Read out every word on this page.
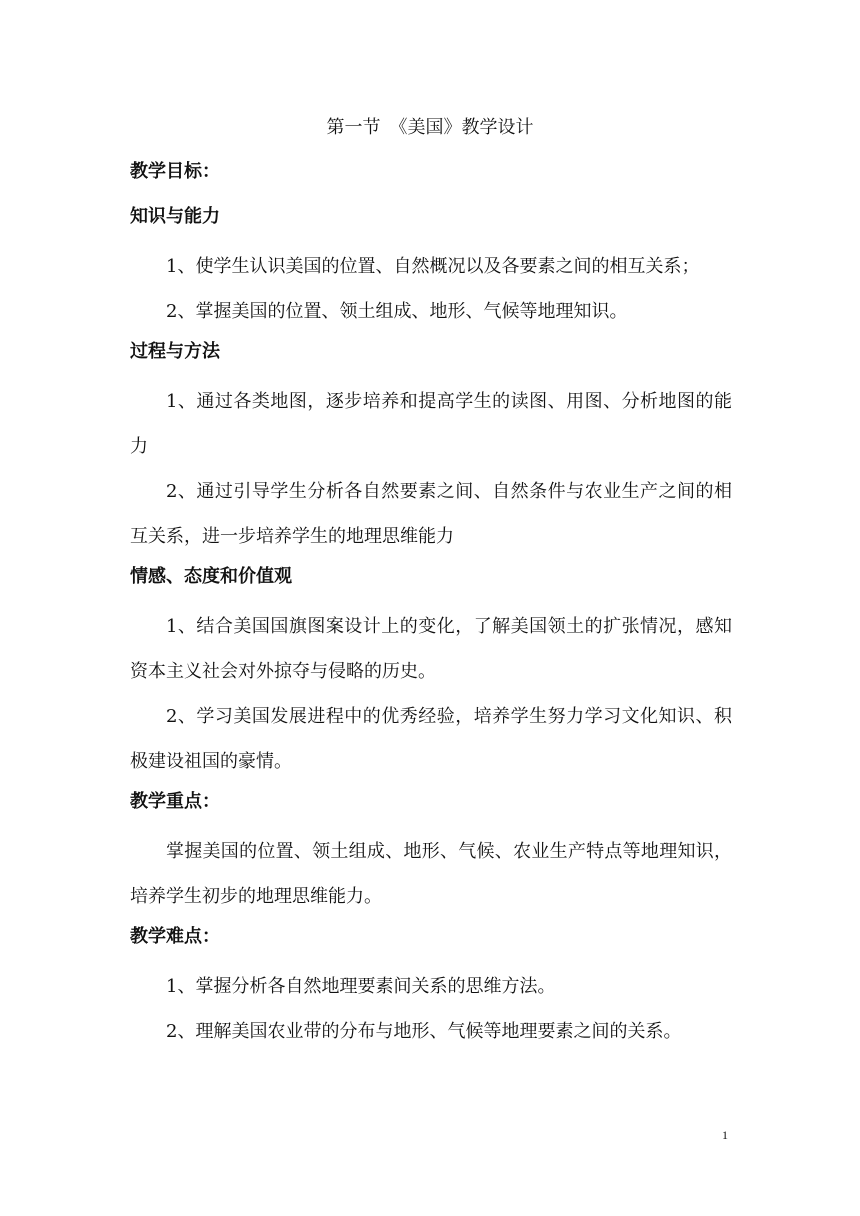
第一节　《美国》教学设计
教学目标：
知识与能力

1、使学生认识美国的位置、自然概况以及各要素之间的相互关系；

2、掌握美国的位置、领土组成、地形、气候等地理知识。

过程与方法

1、通过各类地图，逐步培养和提高学生的读图、用图、分析地图的能力

2、通过引导学生分析各自然要素之间、自然条件与农业生产之间的相互关系，进一步培养学生的地理思维能力

情感、态度和价值观

1、结合美国国旗图案设计上的变化，了解美国领土的扩张情况，感知资本主义社会对外掠夺与侵略的历史。

2、学习美国发展进程中的优秀经验，培养学生努力学习文化知识、积极建设祖国的豪情。

教学重点：

掌握美国的位置、领土组成、地形、气候、农业生产特点等地理知识，培养学生初步的地理思维能力。

教学难点：

1、掌握分析各自然地理要素间关系的思维方法。

2、理解美国农业带的分布与地形、气候等地理要素之间的关系。

1
